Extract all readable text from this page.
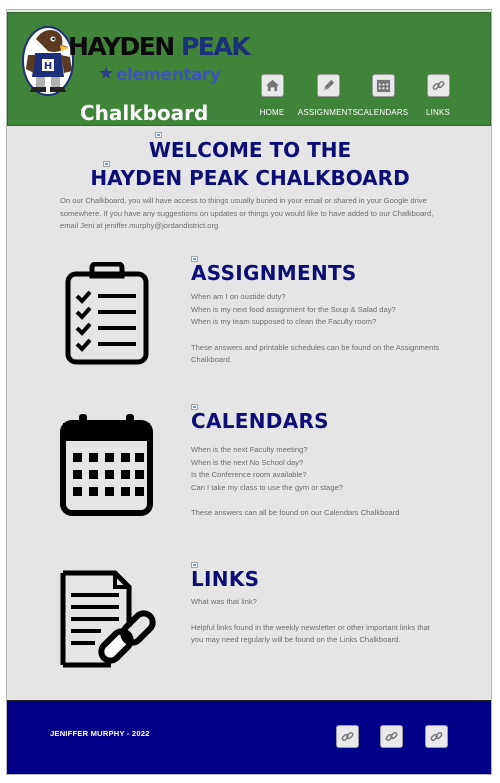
H
HAYDEN PEAK
★ elementary
Chalkboard	HOME	ASSIGNMENTS CALENDARS	LINKS
WELCOME TO THE
HAYDEN PEAK CHALKBOARD

On our Chalkboard, you will have access to things usually buried in your email or shared in your Google drive somewhere. If you have any suggestions on updates or things you would like to have added to our Chalkboard, email Jeni at jeniffer.murphy@jordandistrict.org

ASSIGNMENTS

When am I on oustide duty?

When is my next food assignment for the Soup & Salad day?

When is my team supposed to clean the Faculty room?

These answers and printable schedules can be found on the Assignments Chalkboard.

CALENDARS

When is the next Faculty meeting?

When is the next No School day?

Is the Conference room available?

Can I take my class to use the gym or stage?

These answers can all be found on our Calendars Chalkboard

LINKS

What was that link?

Helpful links found in the weekly newsletter or other important links that you may need regularly will be found on the Links Chalkboard.

JENIFFER MURPHY - 2022
